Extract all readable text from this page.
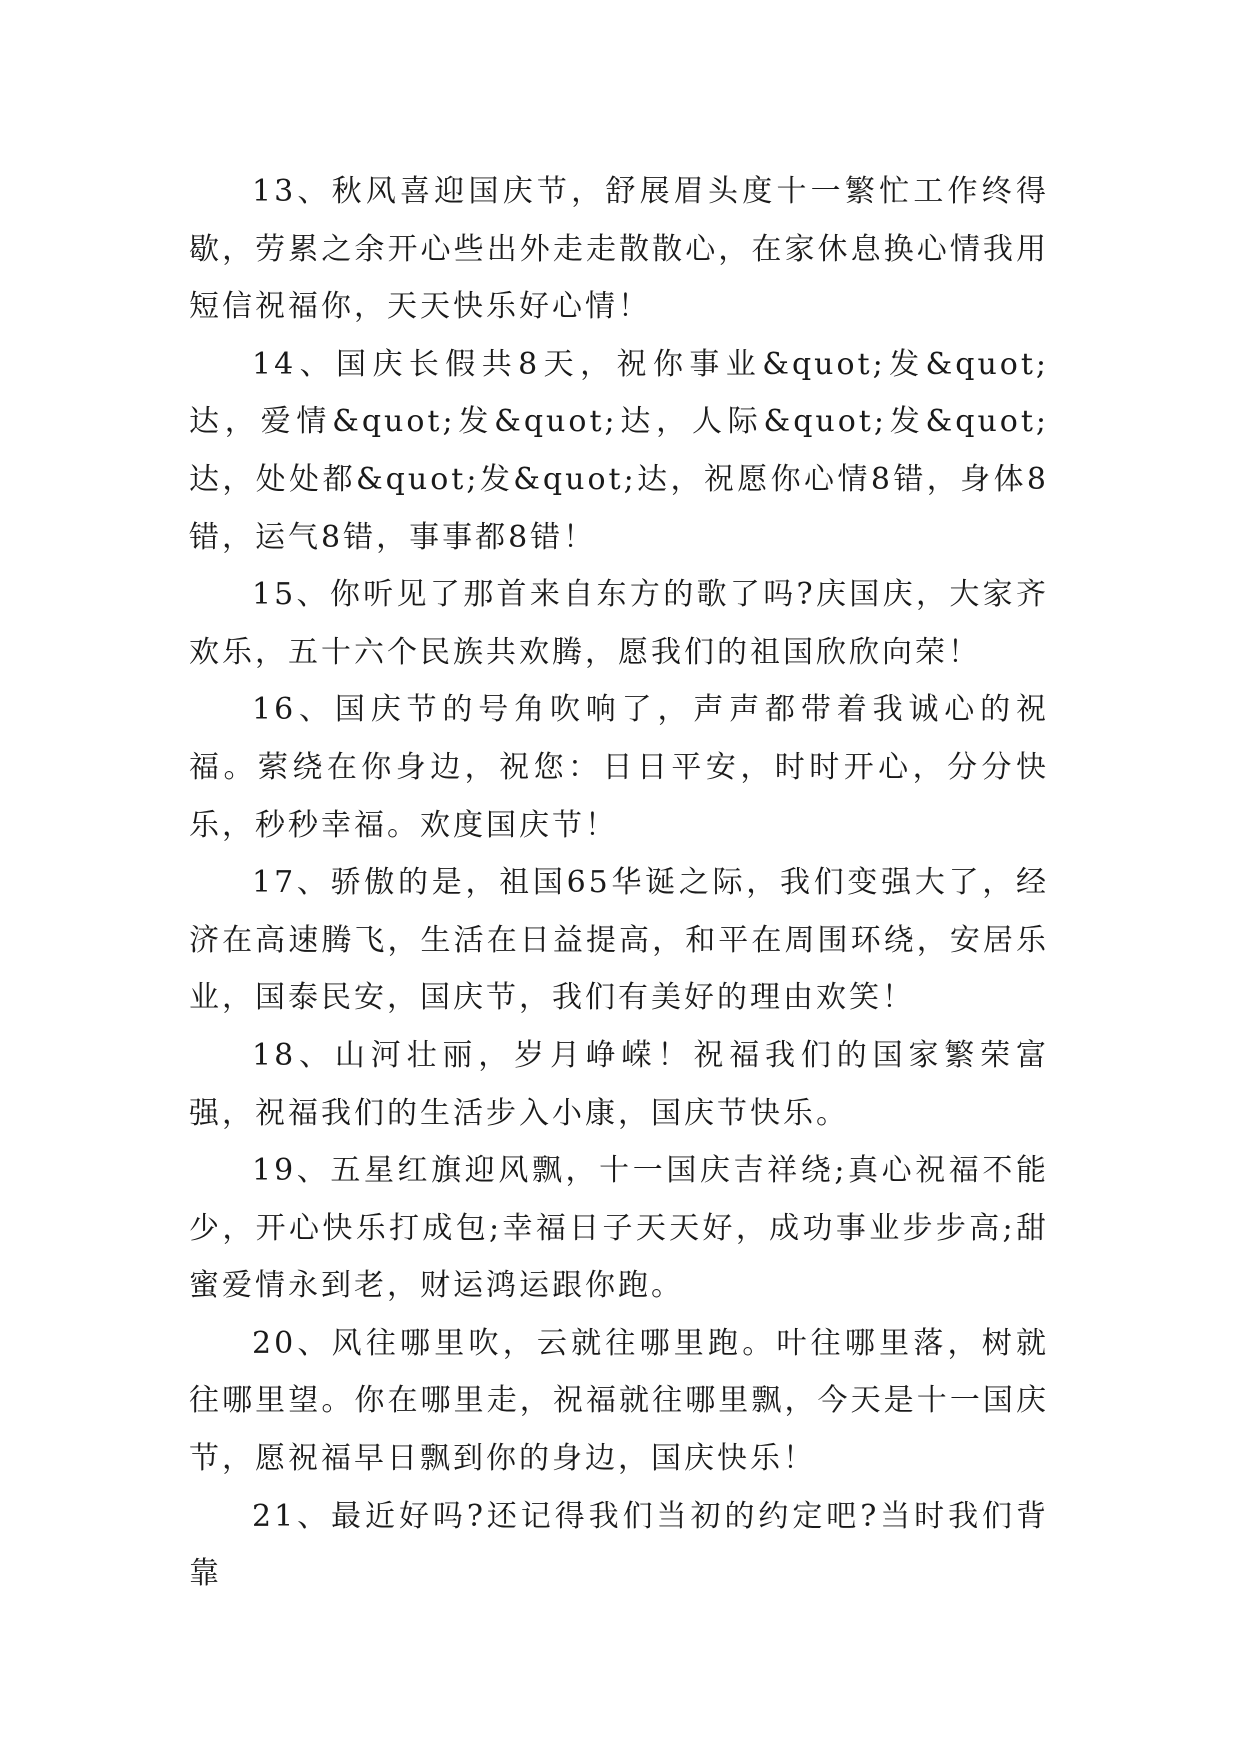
13、秋风喜迎国庆节，舒展眉头度十一繁忙工作终得歇，劳累之余开心些出外走走散散心，在家休息换心情我用短信祝福你，天天快乐好心情！

14、国庆长假共8天，祝你事业&quot;发&quot;达，爱情&quot;发&quot;达，人际&quot;发&quot;达，处处都&quot;发&quot;达，祝愿你心情8错，身体8错，运气8错，事事都8错！

15、你听见了那首来自东方的歌了吗?庆国庆，大家齐欢乐，五十六个民族共欢腾，愿我们的祖国欣欣向荣！

16、国庆节的号角吹响了，声声都带着我诚心的祝福。萦绕在你身边，祝您：日日平安，时时开心，分分快乐，秒秒幸福。欢度国庆节！

17、骄傲的是，祖国65华诞之际，我们变强大了，经济在高速腾飞，生活在日益提高，和平在周围环绕，安居乐业，国泰民安，国庆节，我们有美好的理由欢笑！

18、山河壮丽，岁月峥嵘！祝福我们的国家繁荣富强，祝福我们的生活步入小康，国庆节快乐。

19、五星红旗迎风飘，十一国庆吉祥绕;真心祝福不能少，开心快乐打成包;幸福日子天天好，成功事业步步高;甜蜜爱情永到老，财运鸿运跟你跑。

20、风往哪里吹，云就往哪里跑。叶往哪里落，树就往哪里望。你在哪里走，祝福就往哪里飘，今天是十一国庆节，愿祝福早日飘到你的身边，国庆快乐！

21、最近好吗?还记得我们当初的约定吧?当时我们背靠
